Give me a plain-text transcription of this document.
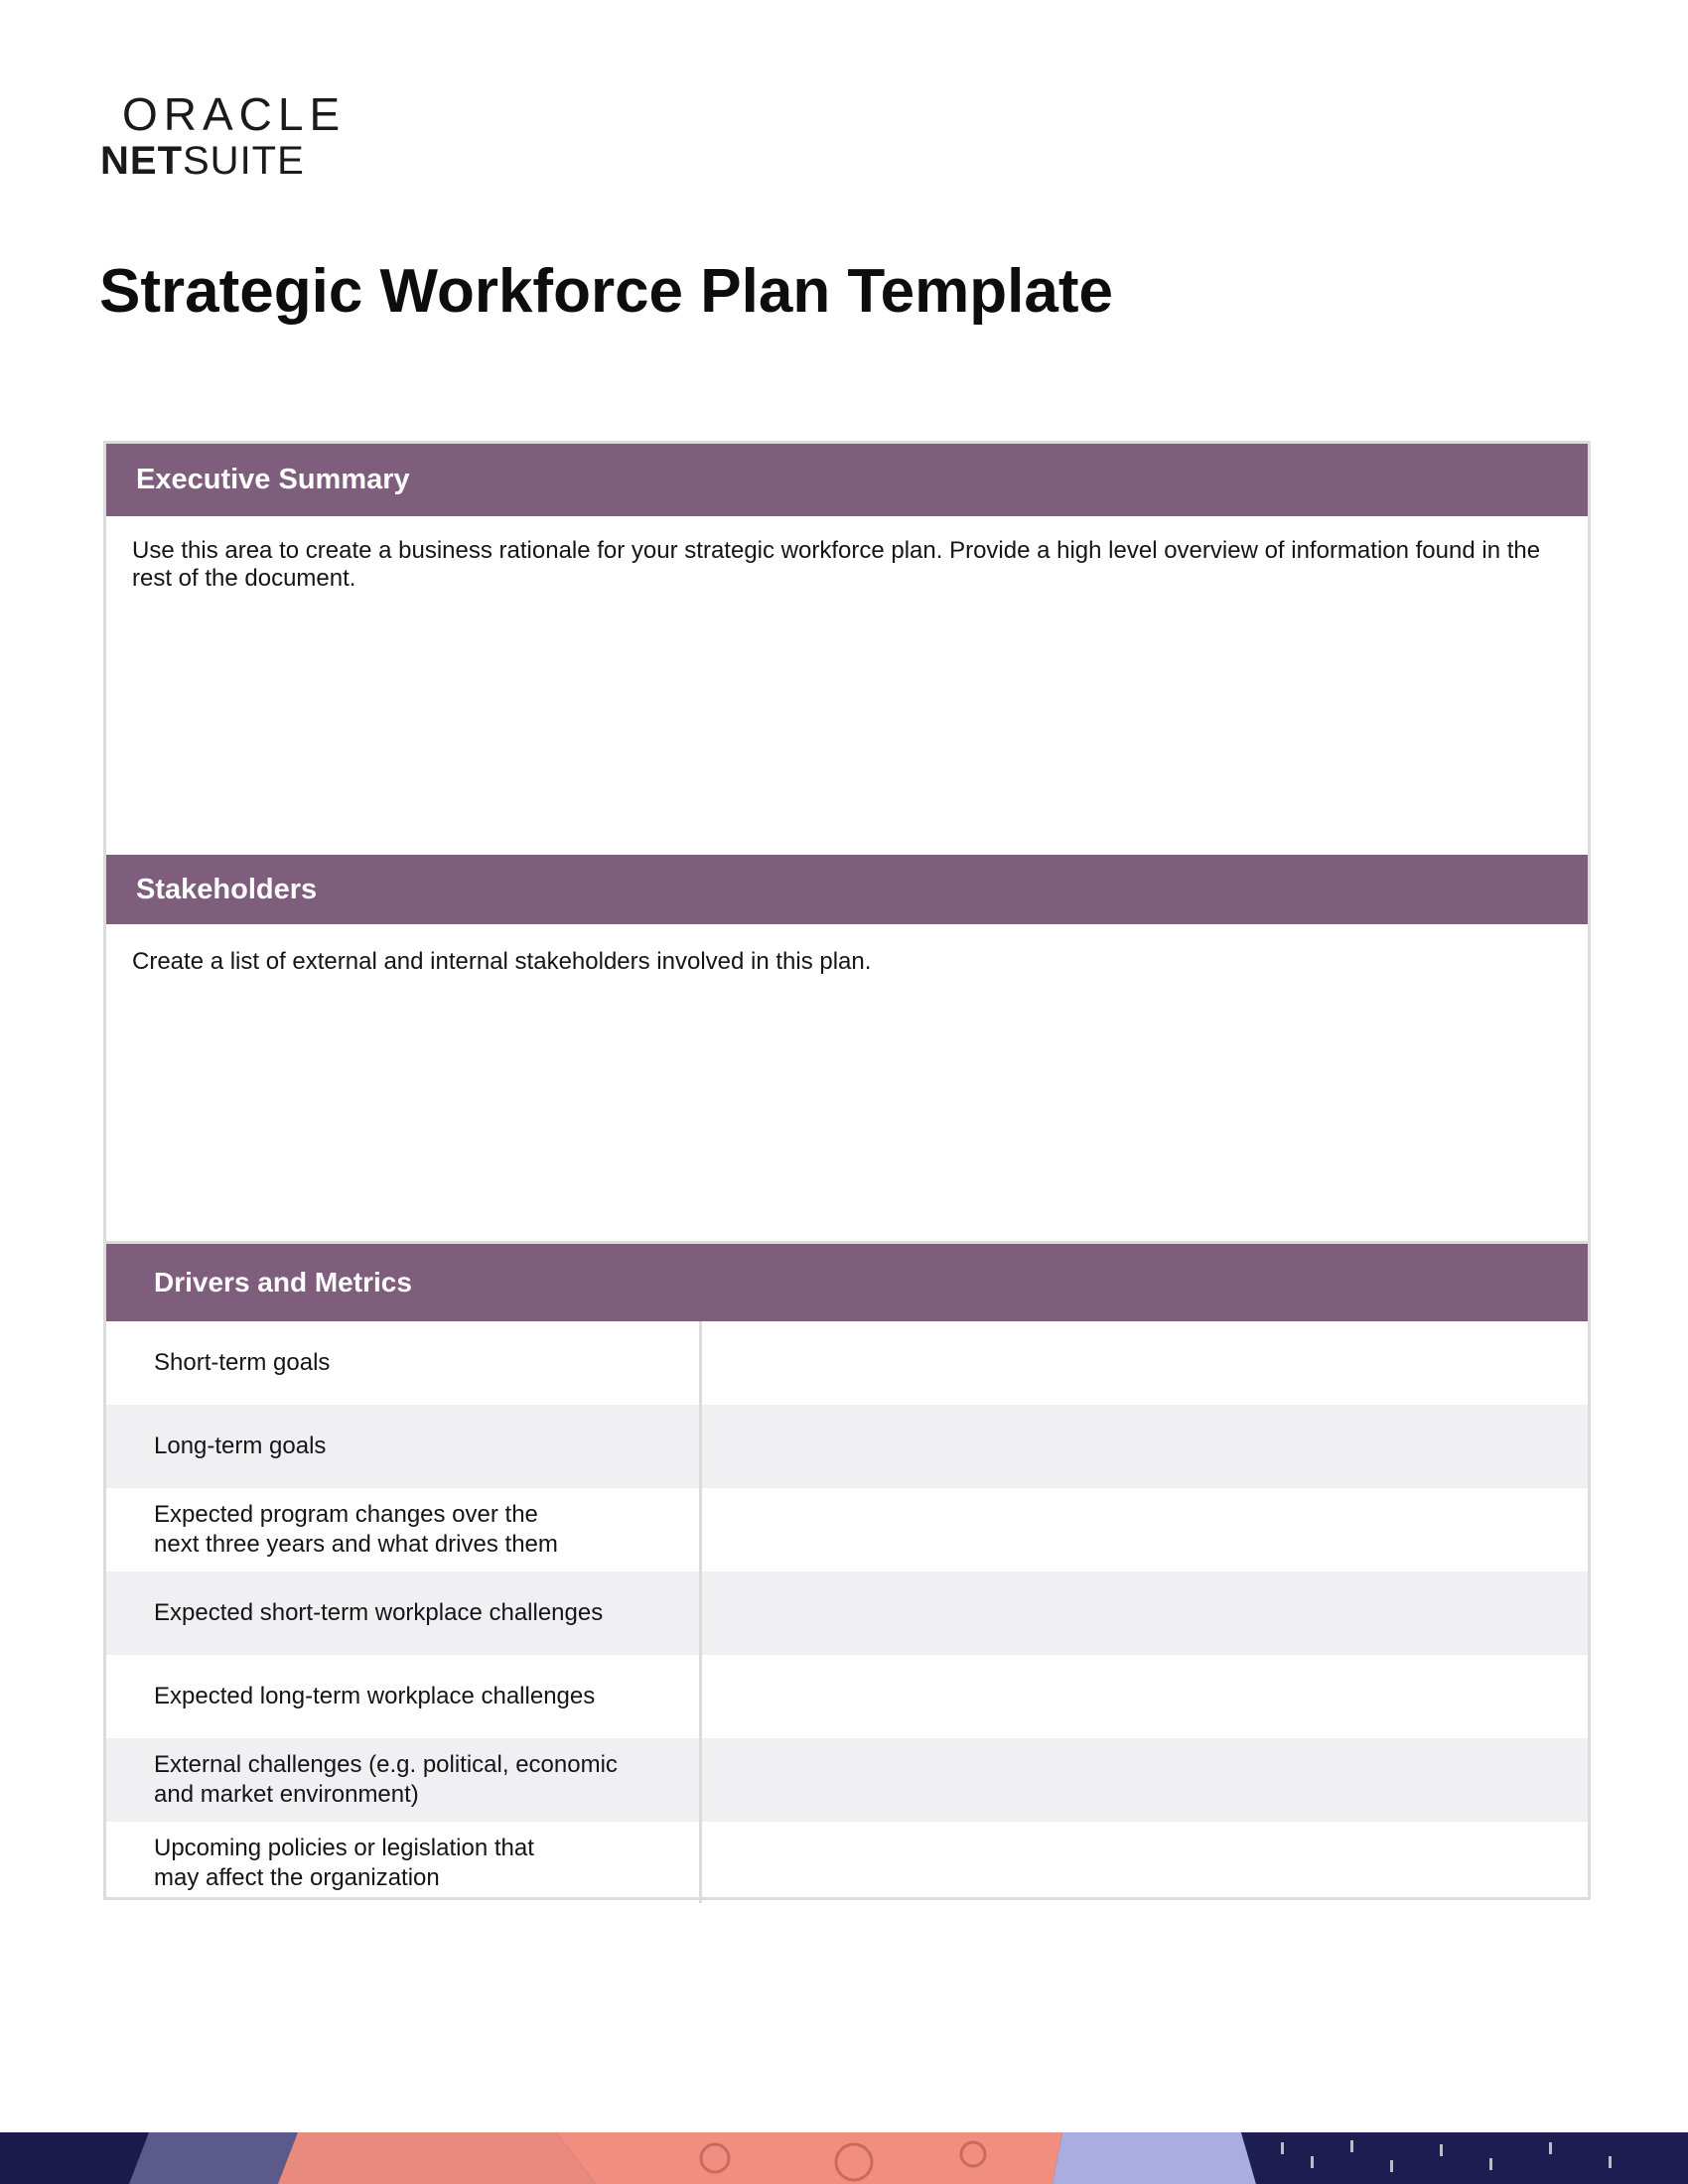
ORACLE
NETSUITE
Strategic Workforce Plan Template
Executive Summary
Use this area to create a business rationale for your strategic workforce plan. Provide a high level overview of information found in the rest of the document.
Stakeholders
Create a list of external and internal stakeholders involved in this plan.
Drivers and Metrics
Short-term goals
Long-term goals
Expected program changes over the next three years and what drives them
Expected short-term workplace challenges
Expected long-term workplace challenges
External challenges (e.g. political, economic and market environment)
Upcoming policies or legislation that may affect the organization
